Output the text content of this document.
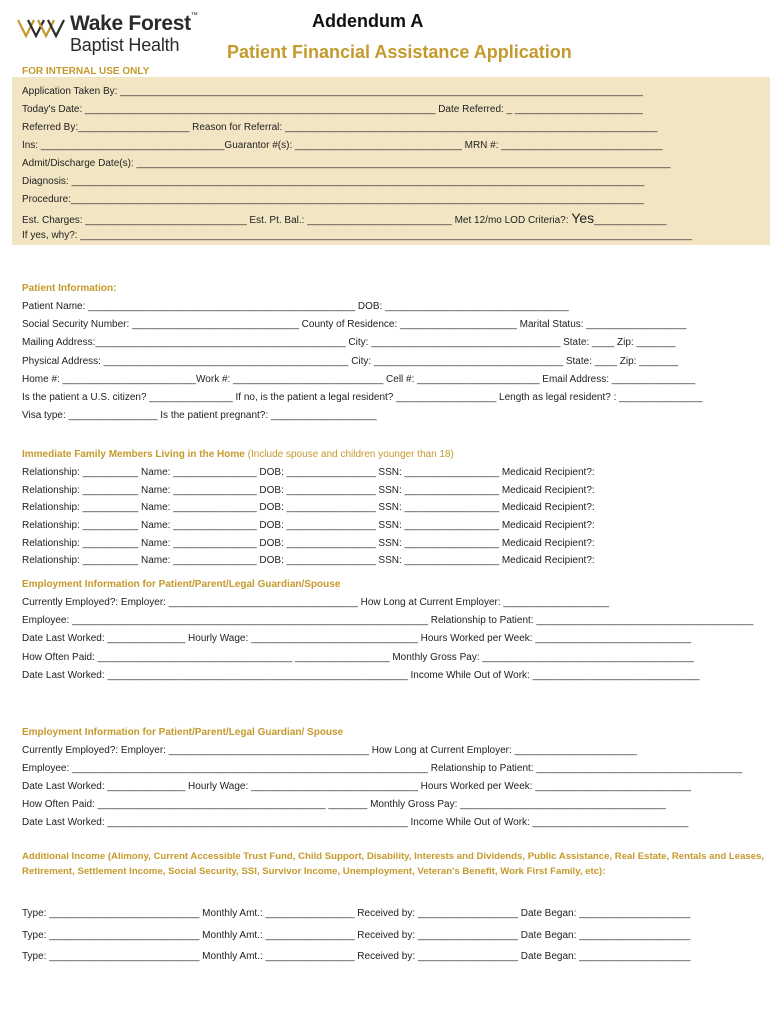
Wake Forest™
Baptist Health
Addendum A
Patient Financial Assistance Application
FOR INTERNAL USE ONLY
Application Taken By: ______________________________________________________________________________________________
Today's Date: _______________________________________________________________ Date Referred: _ _______________________
Referred By:____________________ Reason for Referral: ___________________________________________________________________
Ins: _________________________________Guarantor #(s): ______________________________ MRN #: _____________________________
Admit/Discharge Date(s): ________________________________________________________________________________________________
Diagnosis: _______________________________________________________________________________________________________
Procedure:_______________________________________________________________________________________________________
Est. Charges: _____________________________ Est. Pt. Bal.: __________________________ Met 12/mo LOD Criteria?: Yes_____________
If yes, why?: ______________________________________________________________________________________________________________
Patient Information:
Patient Name: ________________________________________________ DOB: _________________________________
Social Security Number: ______________________________ County of Residence: _____________________ Marital Status: __________________
Mailing Address:_____________________________________________ City: __________________________________ State: ____ Zip: _______
Physical Address: ____________________________________________ City: __________________________________ State: ____ Zip: _______
Home #: ________________________Work #: ___________________________ Cell #: ______________________ Email Address: _______________
Is the patient a U.S. citizen? _______________ If no, is the patient a legal resident? __________________ Length as legal resident? : _______________
Visa type: ________________ Is the patient pregnant?: ___________________
Immediate Family Members Living in the Home (Include spouse and children younger than 18)
Relationship: __________ Name: _______________ DOB: ________________ SSN: _________________ Medicaid Recipient?:
Relationship: __________ Name: _______________ DOB: ________________ SSN: _________________ Medicaid Recipient?:
Relationship: __________ Name: _______________ DOB: ________________ SSN: _________________ Medicaid Recipient?:
Relationship: __________ Name: _______________ DOB: ________________ SSN: _________________ Medicaid Recipient?:
Relationship: __________ Name: _______________ DOB: ________________ SSN: _________________ Medicaid Recipient?:
Relationship: __________ Name: _______________ DOB: ________________ SSN: _________________ Medicaid Recipient?:
Employment Information for Patient/Parent/Legal Guardian/Spouse
Currently Employed?: Employer: __________________________________ How Long at Current Employer: ___________________
Employee: ________________________________________________________________ Relationship to Patient: _______________________________________
Date Last Worked: ______________ Hourly Wage: ______________________________ Hours Worked per Week: ____________________________
How Often Paid: ___________________________________ _________________ Monthly Gross Pay: ______________________________________
Date Last Worked: ______________________________________________________ Income While Out of Work: ______________________________
Employment Information for Patient/Parent/Legal Guardian/ Spouse
Currently Employed?: Employer: ____________________________________ How Long at Current Employer: ______________________
Employee: ________________________________________________________________ Relationship to Patient: _____________________________________
Date Last Worked: ______________ Hourly Wage: ______________________________ Hours Worked per Week: ____________________________
How Often Paid: _________________________________________ _______ Monthly Gross Pay: _____________________________________
Date Last Worked: ______________________________________________________ Income While Out of Work: ____________________________
Additional Income (Alimony, Current Accessible Trust Fund, Child Support, Disability, Interests and Dividends, Public Assistance, Real Estate, Rentals and Leases,
Retirement, Settlement Income, Social Security, SSI, Survivor Income, Unemployment, Veteran's Benefit, Work First Family, etc):
Type: ___________________________ Monthly Amt.: ________________ Received by: __________________ Date Began: ____________________
Type: ___________________________ Monthly Amt.: ________________ Received by: __________________ Date Began: ____________________
Type: ___________________________ Monthly Amt.: ________________ Received by: __________________ Date Began: ____________________
